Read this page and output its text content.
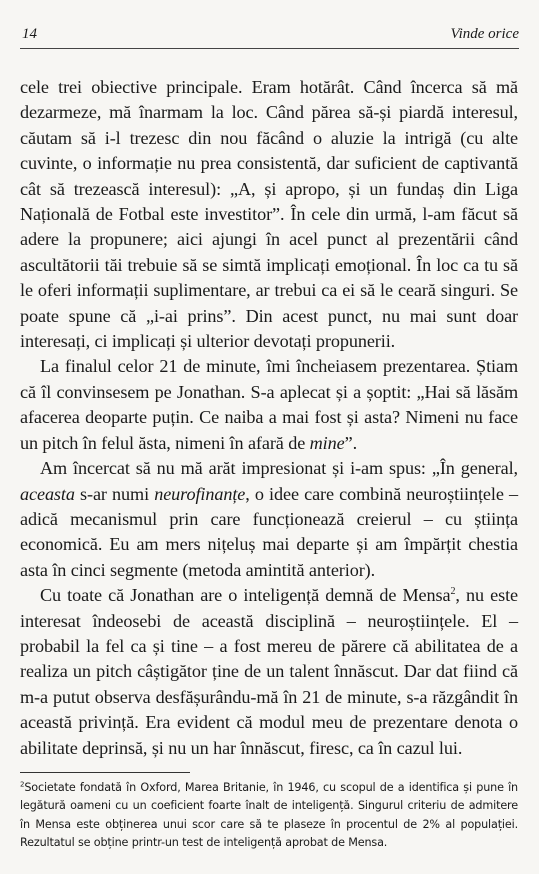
14	Vinde orice

cele trei obiective principale. Eram hotărât. Când încerca să mă dezarmeze, mă înarmam la loc. Când părea să-și piardă interesul, căutam să i-l trezesc din nou făcând o aluzie la intrigă (cu alte cuvinte, o informație nu prea consistentă, dar suficient de captivantă cât să trezească interesul): „A, și apropo, și un fundaș din Liga Națională de Fotbal este investitor”. În cele din urmă, l-am făcut să adere la propunere; aici ajungi în acel punct al prezentării când ascultătorii tăi trebuie să se simtă implicați emoțional. În loc ca tu să le oferi informații suplimentare, ar trebui ca ei să le ceară singuri. Se poate spune că „i-ai prins”. Din acest punct, nu mai sunt doar interesați, ci implicați și ulterior devotați propunerii.

La finalul celor 21 de minute, îmi încheiasem prezentarea. Știam că îl convinsesem pe Jonathan. S-a aplecat și a șoptit: „Hai să lăsăm afacerea deoparte puțin. Ce naiba a mai fost și asta? Nimeni nu face un pitch în felul ăsta, nimeni în afară de mine”.

Am încercat să nu mă arăt impresionat și i-am spus: „În general, aceasta s-ar numi neurofinanțe, o idee care combină neuroștiințele – adică mecanismul prin care funcționează creierul – cu știința economică. Eu am mers nițeluș mai departe și am împărțit chestia asta în cinci segmente (metoda amintită anterior).

Cu toate că Jonathan are o inteligență demnă de Mensa$^2$, nu este interesat îndeosebi de această disciplină – neuroștiințele. El – probabil la fel ca și tine – a fost mereu de părere că abilitatea de a realiza un pitch câștigător ține de un talent înnăscut. Dar dat fiind că m-a putut observa desfășurându-mă în 21 de minute, s-a răzgândit în această privință. Era evident că modul meu de prezentare denota o abilitate deprinsă, și nu un har înnăscut, firesc, ca în cazul lui.

$^2$Societate fondată în Oxford, Marea Britanie, în 1946, cu scopul de a identifica și pune în legătură oameni cu un coeficient foarte înalt de inteligență. Singurul criteriu de admitere în Mensa este obținerea unui scor care să te plaseze în procentul de 2% al populației. Rezultatul se obține printr-un test de inteligență aprobat de Mensa.
